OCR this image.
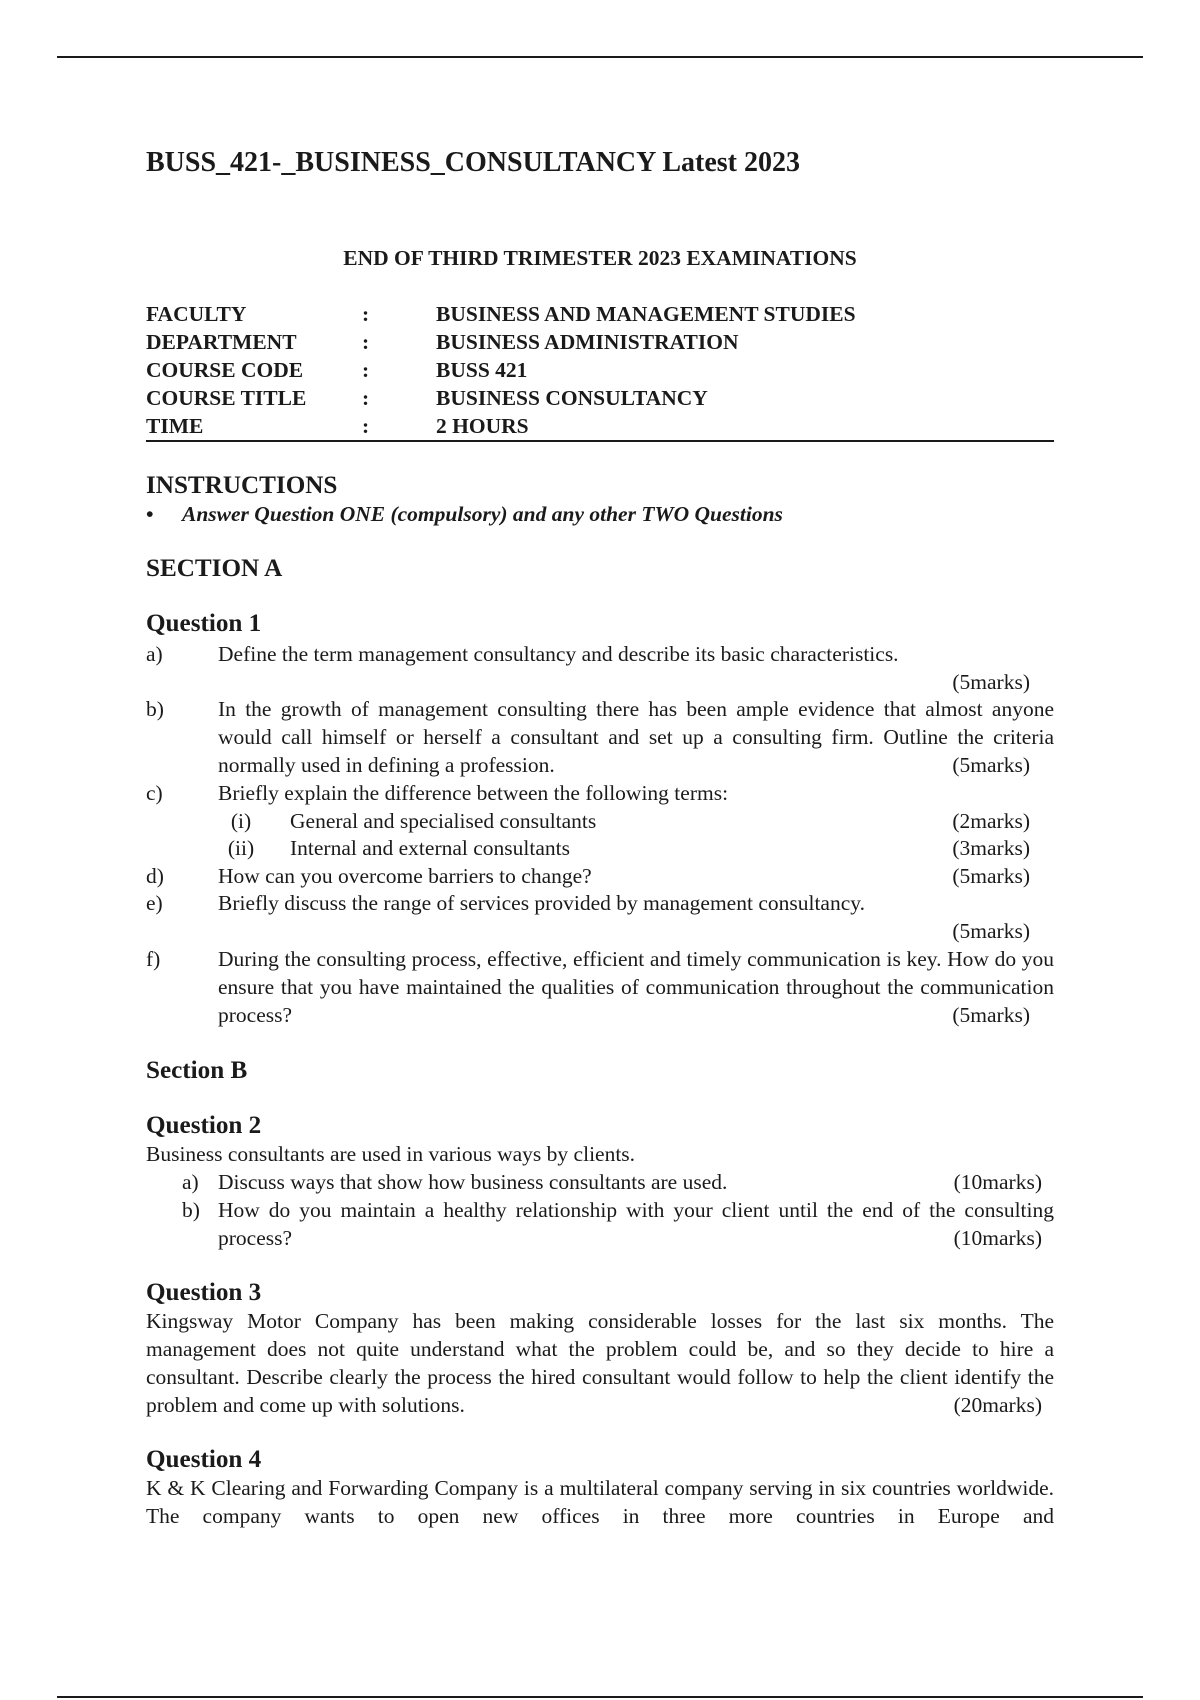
BUSS_421-_BUSINESS_CONSULTANCY Latest 2023
END OF THIRD TRIMESTER 2023 EXAMINATIONS
FACULTY	:	BUSINESS AND MANAGEMENT STUDIES
DEPARTMENT	:	BUSINESS ADMINISTRATION
COURSE CODE	:	BUSS 421
COURSE TITLE	:	BUSINESS CONSULTANCY
TIME	:	2 HOURS
INSTRUCTIONS
• Answer Question ONE (compulsory) and any other TWO Questions
SECTION A
Question 1
a)	Define the term management consultancy and describe its basic characteristics.
(5marks)
b)	In the growth of management consulting there has been ample evidence that almost anyone would call himself or herself a consultant and set up a consulting firm. Outline the criteria normally used in defining a profession.	(5marks)
c)	Briefly explain the difference between the following terms:
(i)	General and specialised consultants	(2marks)
(ii) Internal and external consultants	(3marks)
d)	How can you overcome barriers to change?	(5marks)
e)	Briefly discuss the range of services provided by management consultancy.
(5marks)
f)	During the consulting process, effective, efficient and timely communication is key. How do you ensure that you have maintained the qualities of communication throughout the communication process?	(5marks)
Section B
Question 2
Business consultants are used in various ways by clients.
a) Discuss ways that show how business consultants are used.	(10marks)
b) How do you maintain a healthy relationship with your client until the end of the consulting process?	(10marks)
Question 3
Kingsway Motor Company has been making considerable losses for the last six months. The management does not quite understand what the problem could be, and so they decide to hire a consultant. Describe clearly the process the hired consultant would follow to help the client identify the problem and come up with solutions.	(20marks)
Question 4
K & K Clearing and Forwarding Company is a multilateral company serving in six countries worldwide. The company wants to open new offices in three more countries in Europe and
